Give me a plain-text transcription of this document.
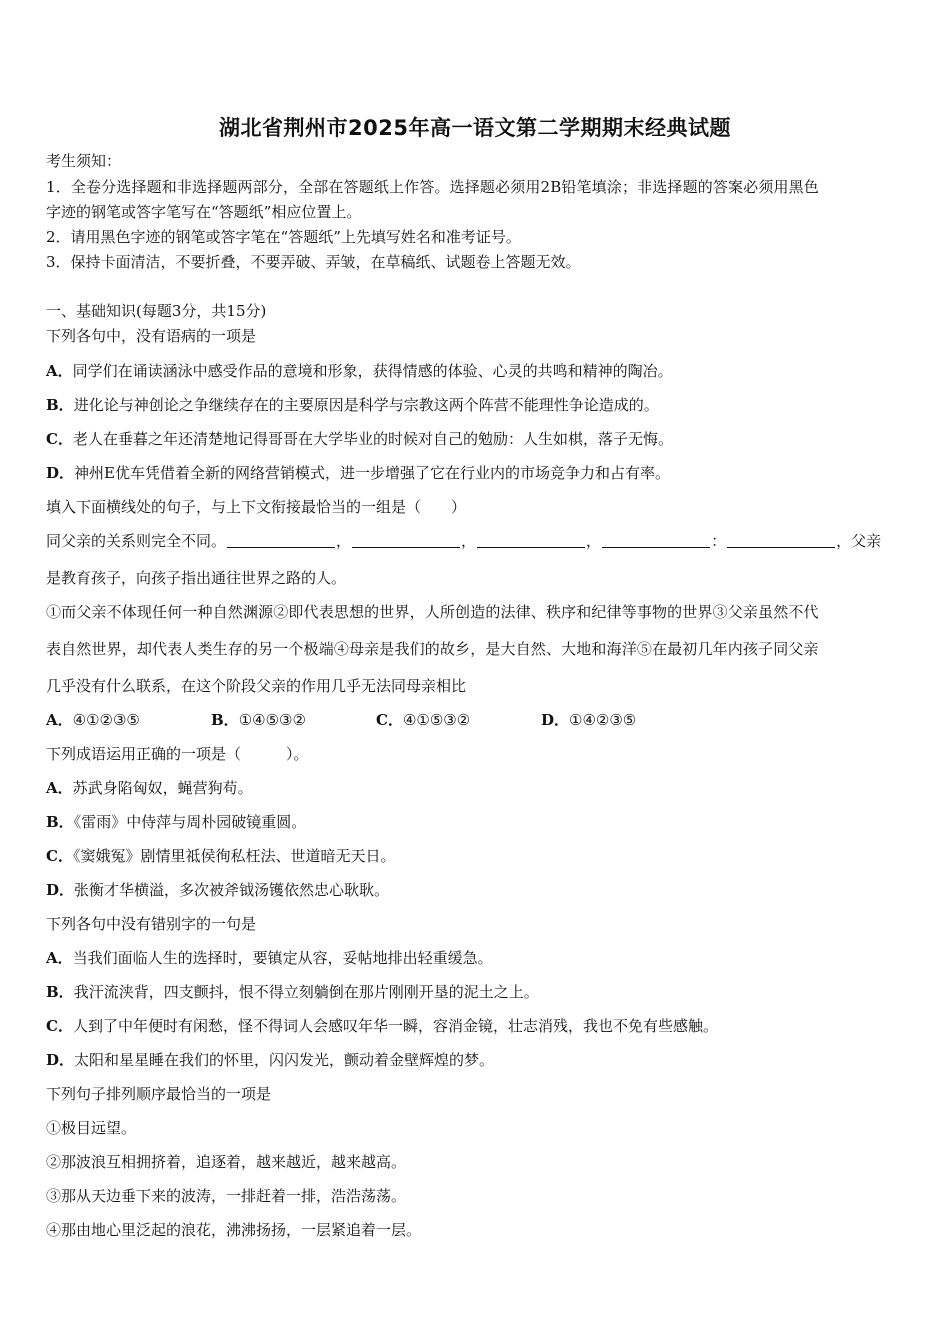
湖北省荆州市2025年高一语文第二学期期末经典试题
考生须知：
1．全卷分选择题和非选择题两部分，全部在答题纸上作答。选择题必须用2B铅笔填涂；非选择题的答案必须用黑色
字迹的钢笔或答字笔写在“答题纸”相应位置上。
2．请用黑色字迹的钢笔或答字笔在“答题纸”上先填写姓名和准考证号。
3．保持卡面清洁，不要折叠，不要弄破、弄皱，在草稿纸、试题卷上答题无效。
一、基础知识(每题3分，共15分)
下列各句中，没有语病的一项是
A．同学们在诵读涵泳中感受作品的意境和形象，获得情感的体验、心灵的共鸣和精神的陶冶。
B．进化论与神创论之争继续存在的主要原因是科学与宗教这两个阵营不能理性争论造成的。
C．老人在垂暮之年还清楚地记得哥哥在大学毕业的时候对自己的勉励：人生如棋，落子无悔。
D．神州E优车凭借着全新的网络营销模式，进一步增强了它在行业内的市场竞争力和占有率。
填入下面横线处的句子，与上下文衔接最恰当的一组是（　　）
同父亲的关系则完全不同。	，	，	，	：	，父亲
是教育孩子，向孩子指出通往世界之路的人。
①而父亲不体现任何一种自然渊源②即代表思想的世界，人所创造的法律、秩序和纪律等事物的世界③父亲虽然不代
表自然世界，却代表人类生存的另一个极端④母亲是我们的故乡，是大自然、大地和海洋⑤在最初几年内孩子同父亲
几乎没有什么联系，在这个阶段父亲的作用几乎无法同母亲相比
A．④①②③⑤	B．①④⑤③②	C．④①⑤③②	D．①④②③⑤
下列成语运用正确的一项是（　　　）。
A．苏武身陷匈奴，蝇营狗苟。
B．《雷雨》中侍萍与周朴园破镜重圆。
C．《窦娥冤》剧情里祗侯徇私枉法、世道暗无天日。
D．张衡才华横溢，多次被斧钺汤镬依然忠心耿耿。
下列各句中没有错别字的一句是
A．当我们面临人生的选择时，要镇定从容，妥帖地排出轻重缓急。
B．我汗流浃背，四支颤抖，恨不得立刻躺倒在那片刚刚开垦的泥土之上。
C．人到了中年便时有闲愁，怪不得词人会感叹年华一瞬，容消金镜，壮志消残，我也不免有些感触。
D．太阳和星星睡在我们的怀里，闪闪发光，颤动着金壁辉煌的梦。
下列句子排列顺序最恰当的一项是
①极目远望。
②那波浪互相拥挤着，追逐着，越来越近，越来越高。
③那从天边垂下来的波涛，一排赶着一排，浩浩荡荡。
④那由地心里泛起的浪花，沸沸扬扬，一层紧追着一层。
